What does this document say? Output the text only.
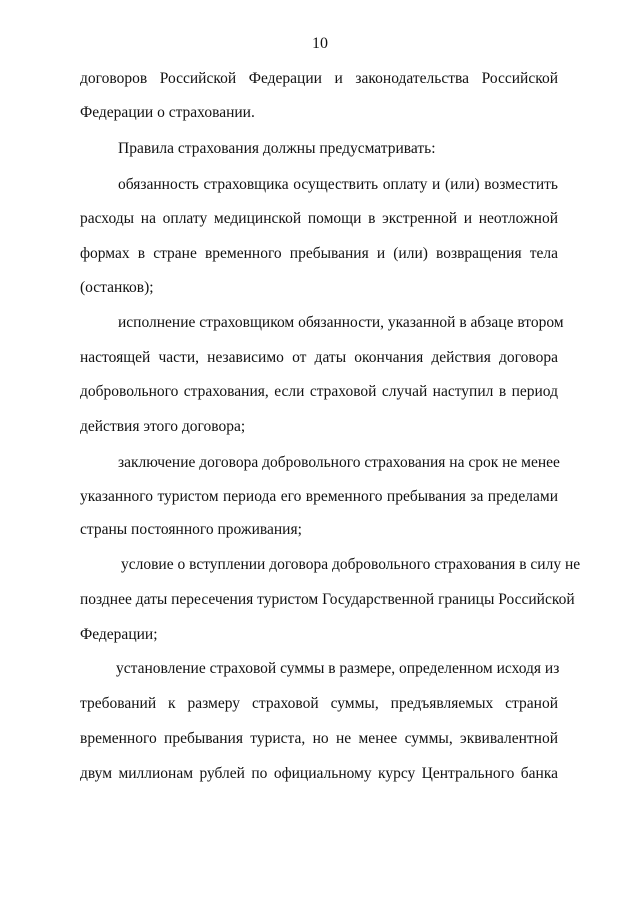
10
договоров Российской Федерации и законодательства Российской
Федерации о страховании.
Правила страхования должны предусматривать:
обязанность страховщика осуществить оплату и (или) возместить
расходы на оплату медицинской помощи в экстренной и неотложной
формах в стране временного пребывания и (или) возвращения тела
(останков);
исполнение страховщиком обязанности, указанной в абзаце втором
настоящей части, независимо от даты окончания действия договора
добровольного страхования, если страховой случай наступил в период
действия этого договора;
заключение договора добровольного страхования на срок не менее
указанного туристом периода его временного пребывания за пределами
страны постоянного проживания;
условие о вступлении договора добровольного страхования в силу не
позднее даты пересечения туристом Государственной границы Российской
Федерации;
установление страховой суммы в размере, определенном исходя из
требований к размеру страховой суммы, предъявляемых страной
временного пребывания туриста, но не менее суммы, эквивалентной
двум миллионам рублей по официальному курсу Центрального банка
